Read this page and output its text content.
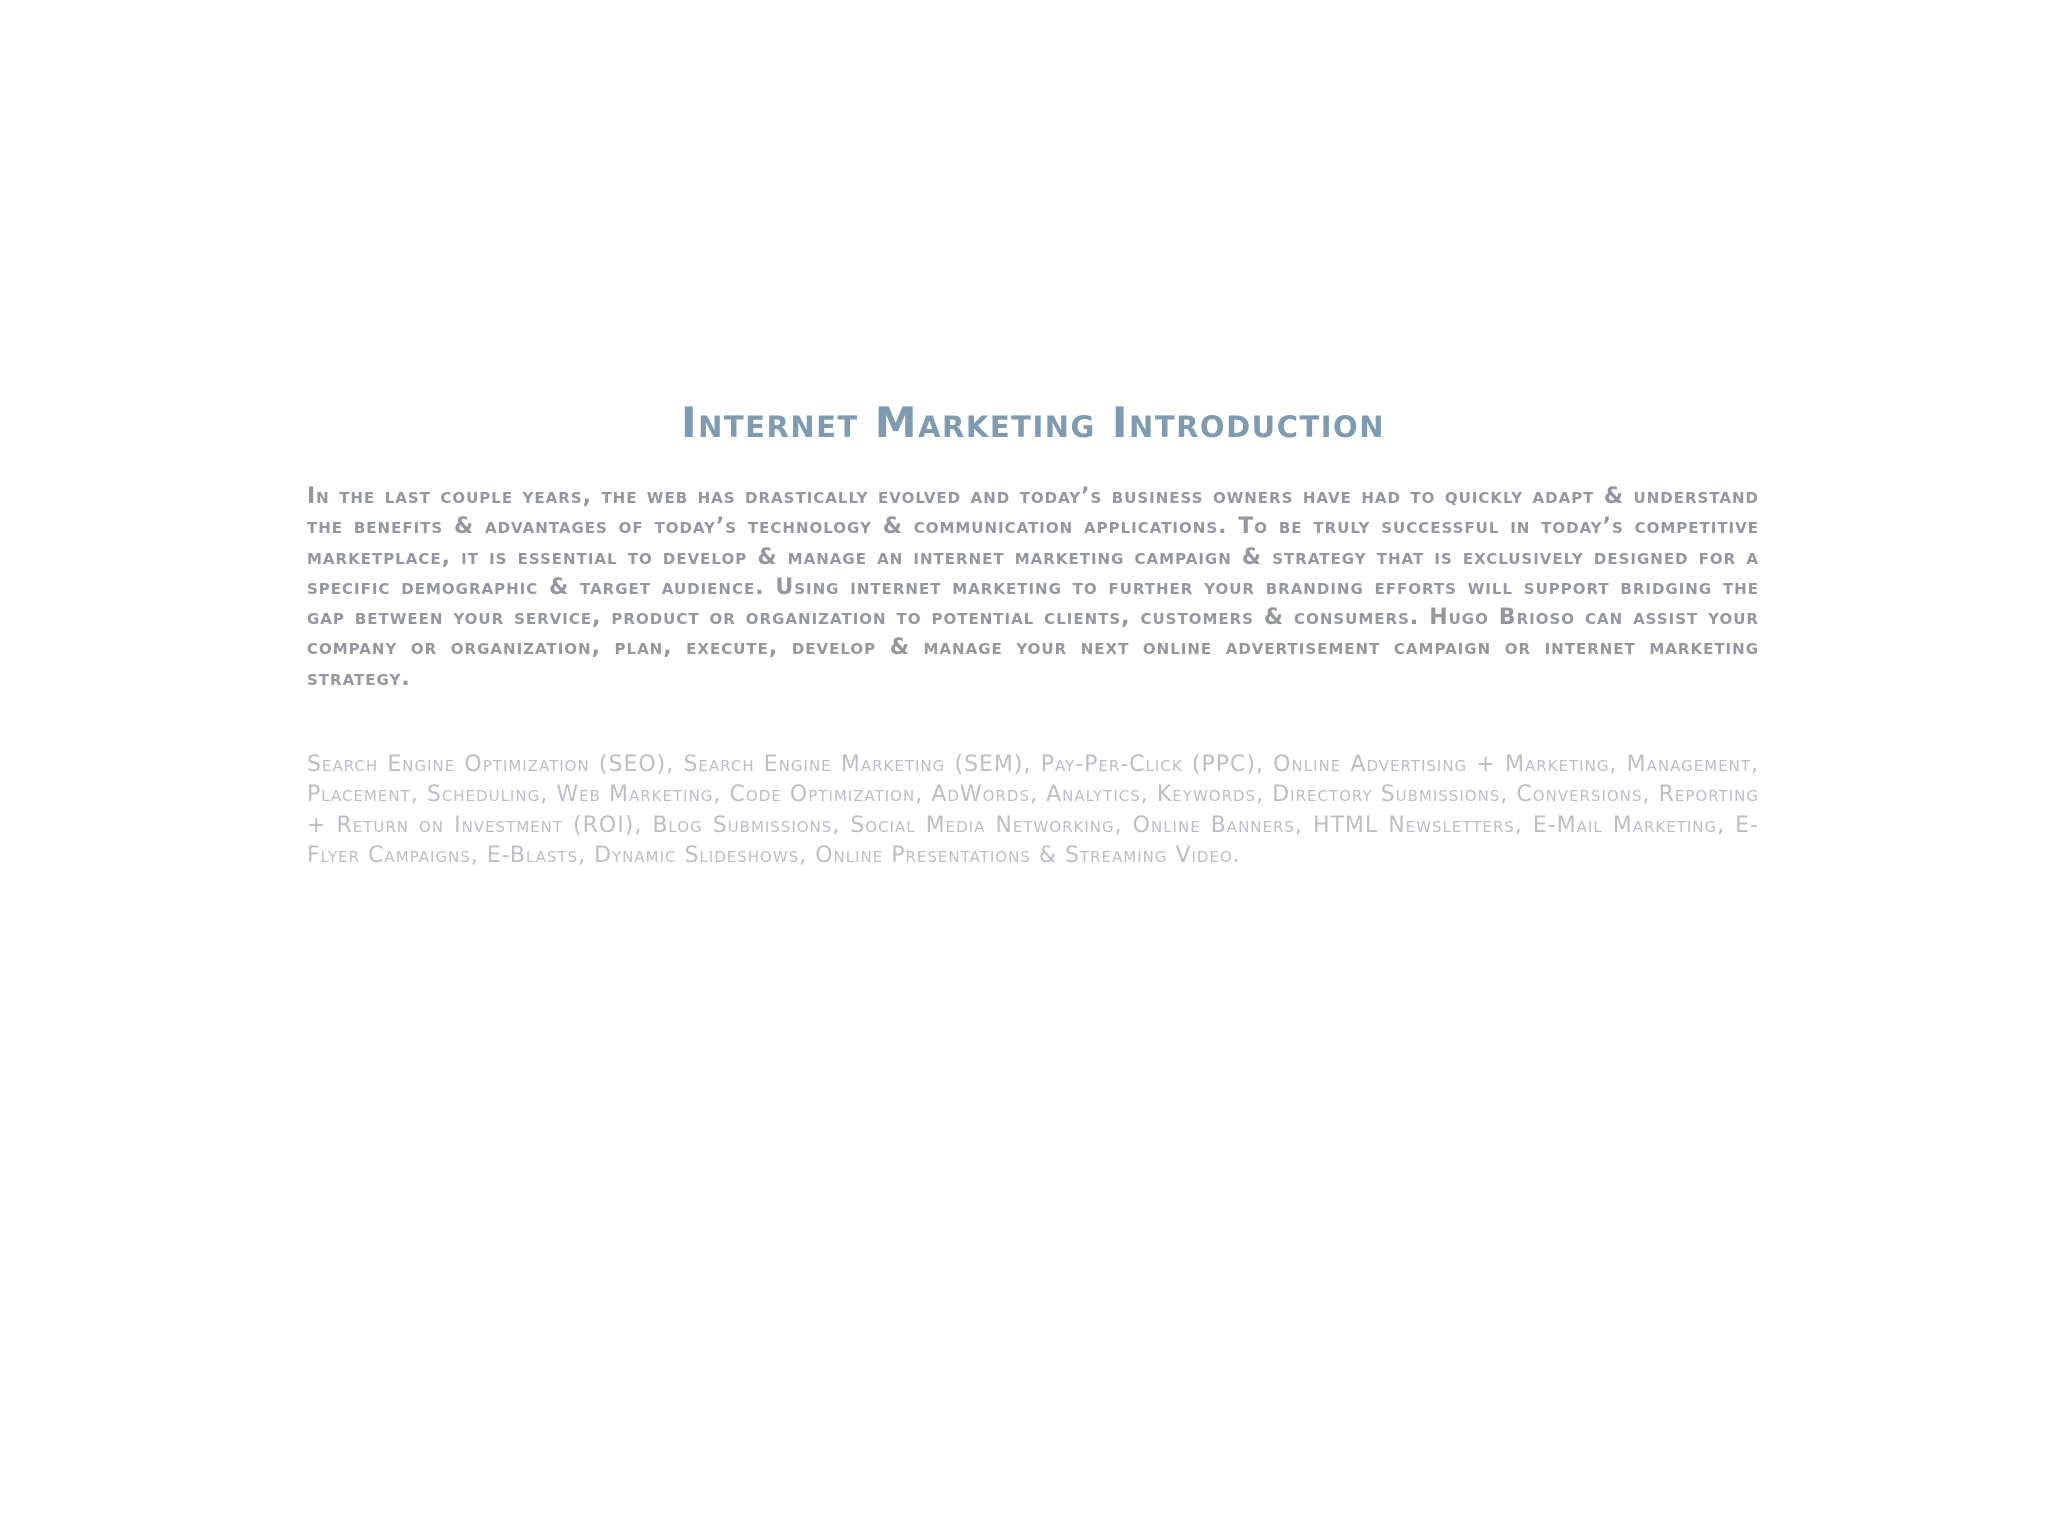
Internet Marketing Introduction

In the last couple years, the web has drastically evolved and today’s business owners have had to quickly adapt & understand the benefits & advantages of today’s technology & communication applications. To be truly successful in today’s competitive marketplace, it is essential to develop & manage an internet marketing campaign & strategy that is exclusively designed for a specific demographic & target audience. Using internet marketing to further your branding efforts will support bridging the gap between your service, product or organization to potential clients, customers & consumers. Hugo Brioso can assist your company or organization, plan, execute, develop & manage your next online advertisement campaign or internet marketing strategy.

Search Engine Optimization (SEO), Search Engine Marketing (SEM), Pay-Per-Click (PPC), Online Advertising + Marketing, Management, Placement, Scheduling, Web Marketing, Code Optimization, AdWords, Analytics, Keywords, Directory Submissions, Conversions, Reporting + Return on Investment (ROI), Blog Submissions, Social Media Networking, Online Banners, HTML Newsletters, E-Mail Marketing, E-Flyer Campaigns, E-Blasts, Dynamic Slideshows, Online Presentations & Streaming Video.
